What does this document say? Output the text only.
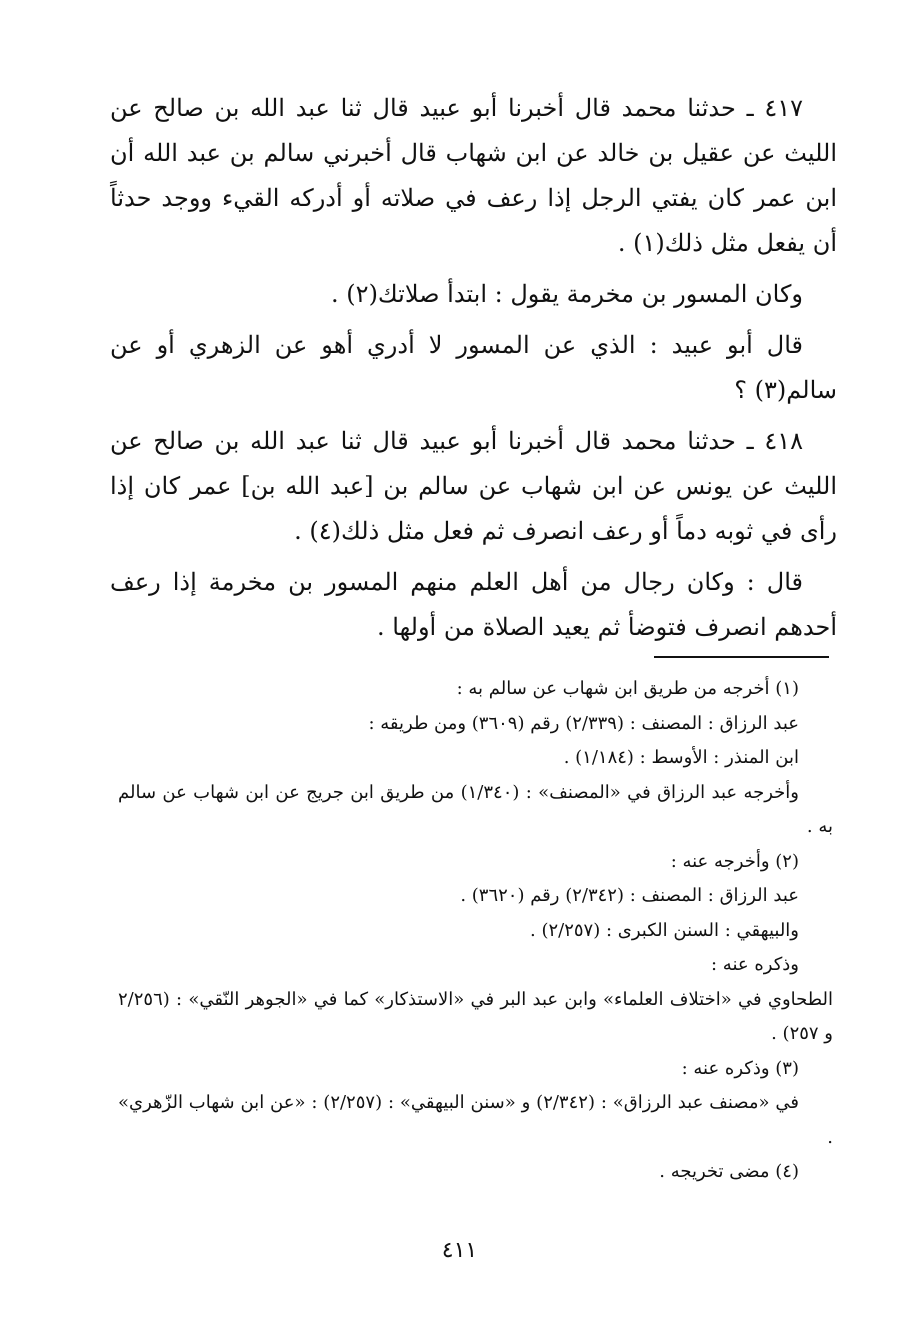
٤١٧ ـ حدثنا محمد قال أخبرنا أبو عبيد قال ثنا عبد الله بن صالح عن الليث عن عقيل بن خالد عن ابن شهاب قال أخبرني سالم بن عبد الله أن ابن عمر كان يفتي الرجل إذا رعف في صلاته أو أدركه القيء ووجد حدثاً أن يفعل مثل ذلك(١) .

وكان المسور بن مخرمة يقول : ابتدأ صلاتك(٢) .

قال أبو عبيد : الذي عن المسور لا أدري أهو عن الزهري أو عن سالم(٣) ؟

٤١٨ ـ حدثنا محمد قال أخبرنا أبو عبيد قال ثنا عبد الله بن صالح عن الليث عن يونس عن ابن شهاب عن سالم بن [عبد الله بن] عمر كان إذا رأى في ثوبه دماً أو رعف انصرف ثم فعل مثل ذلك(٤) .

قال : وكان رجال من أهل العلم منهم المسور بن مخرمة إذا رعف أحدهم انصرف فتوضأ ثم يعيد الصلاة من أولها .

(١) أخرجه من طريق ابن شهاب عن سالم به :

عبد الرزاق : المصنف : (٢/٣٣٩) رقم (٣٦٠٩) ومن طريقه :

ابن المنذر : الأوسط : (١/١٨٤) .

وأخرجه عبد الرزاق في «المصنف» : (١/٣٤٠) من طريق ابن جريج عن ابن شهاب عن سالم به .

(٢) وأخرجه عنه :

عبد الرزاق : المصنف : (٢/٣٤٢) رقم (٣٦٢٠) .

والبيهقي : السنن الكبرى : (٢/٢٥٧) .

وذكره عنه :

الطحاوي في «اختلاف العلماء» وابن عبد البر في «الاستذكار» كما في «الجوهر النّقي» : (٢/٢٥٦ و ٢٥٧) .

(٣) وذكره عنه :

في «مصنف عبد الرزاق» : (٢/٣٤٢) و «سنن البيهقي» : (٢/٢٥٧) : «عن ابن شهاب الزّهري» .

(٤) مضى تخريجه .

٤١١
